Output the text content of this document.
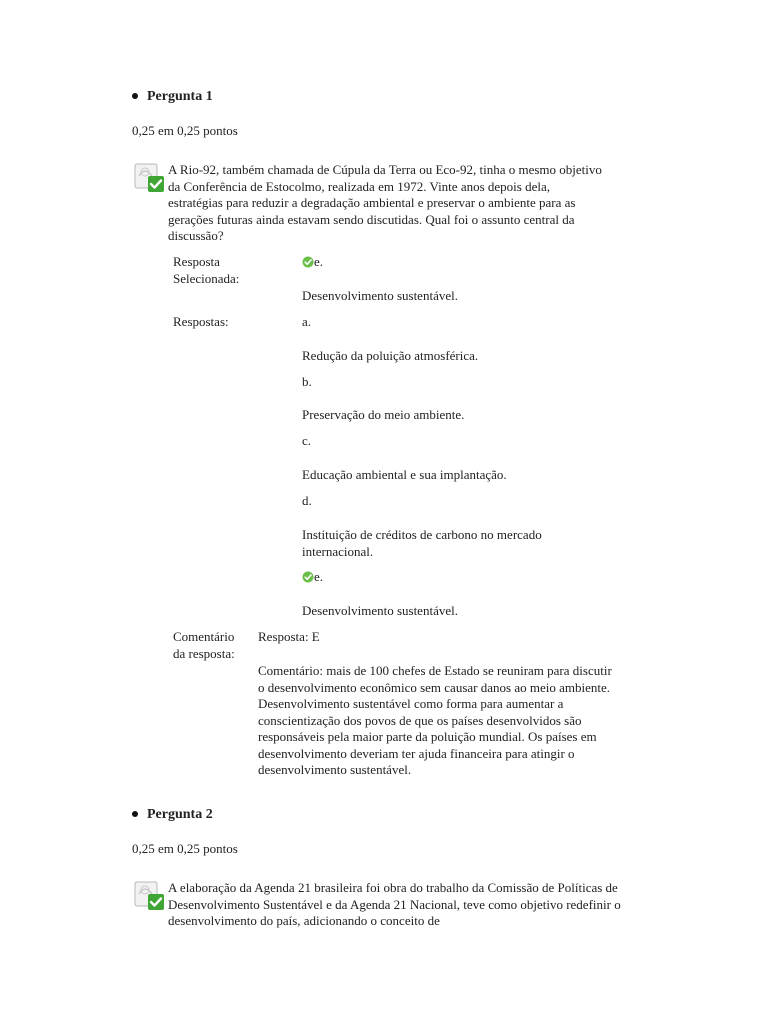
Pergunta 1
0,25 em 0,25 pontos
A Rio-92, também chamada de Cúpula da Terra ou Eco-92, tinha o mesmo objetivo da Conferência de Estocolmo, realizada em 1972. Vinte anos depois dela, estratégias para reduzir a degradação ambiental e preservar o ambiente para as gerações futuras ainda estavam sendo discutidas. Qual foi o assunto central da discussão?
Resposta Selecionada:
e.
Desenvolvimento sustentável.
Respostas:	a.
Redução da poluição atmosférica.
b.
Preservação do meio ambiente.
c.
Educação ambiental e sua implantação.
d.
Instituição de créditos de carbono no mercado internacional.
e.
Desenvolvimento sustentável.
Comentário da resposta:
Resposta: E
Comentário: mais de 100 chefes de Estado se reuniram para discutir o desenvolvimento econômico sem causar danos ao meio ambiente. Desenvolvimento sustentável como forma para aumentar a conscientização dos povos de que os países desenvolvidos são responsáveis pela maior parte da poluição mundial. Os países em desenvolvimento deveriam ter ajuda financeira para atingir o desenvolvimento sustentável.
Pergunta 2
0,25 em 0,25 pontos
A elaboração da Agenda 21 brasileira foi obra do trabalho da Comissão de Políticas de Desenvolvimento Sustentável e da Agenda 21 Nacional, teve como objetivo redefinir o desenvolvimento do país, adicionando o conceito de
